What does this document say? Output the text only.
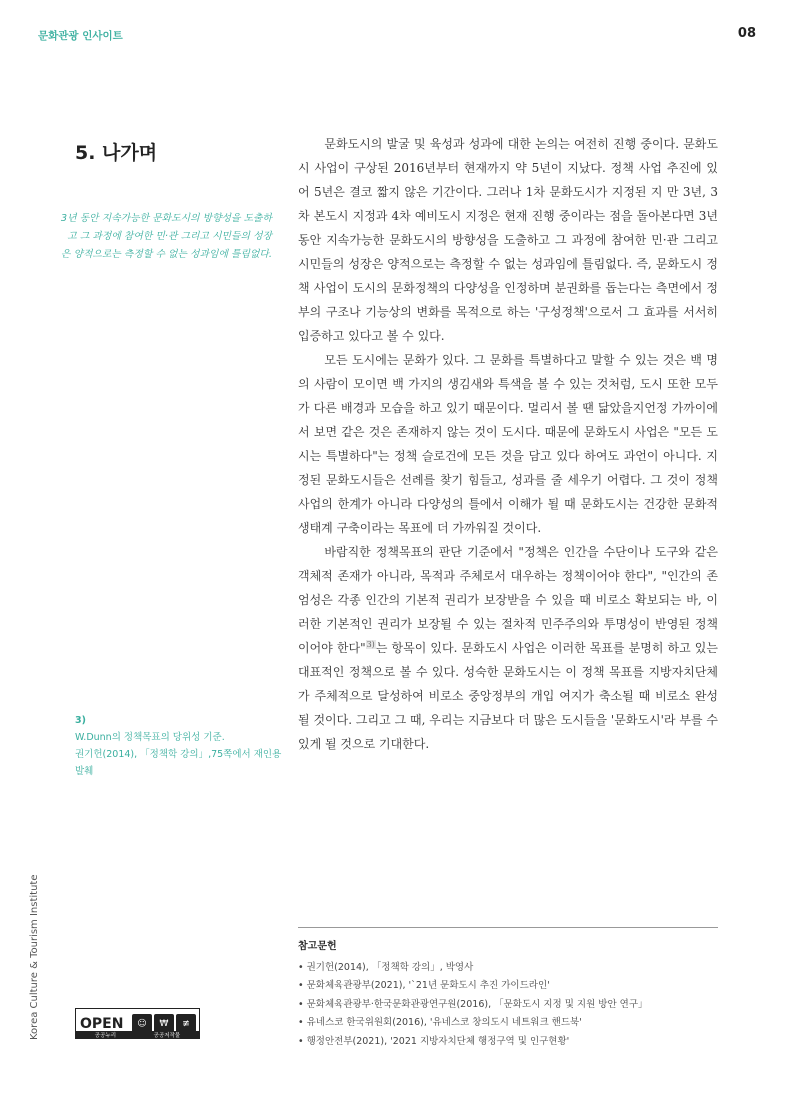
문화관광 인사이트	08
5. 나가며
3년 동안 지속가능한 문화도시의 방향성을 도출하고 그 과정에 참여한 민·관 그리고 시민들의 성장은 양적으로는 측정할 수 없는 성과임에 틀림없다.
3)
W.Dunn의 정책목표의 당위성 기준.
권기헌(2014), 「정책학 강의」,75쪽에서 재인용 발췌

문화도시의 발굴 및 육성과 성과에 대한 논의는 여전히 진행 중이다. 문화도시 사업이 구상된 2016년부터 현재까지 약 5년이 지났다. 정책 사업 추진에 있어 5년은 결코 짧지 않은 기간이다. 그러나 1차 문화도시가 지정된 지 만 3년, 3차 본도시 지정과 4차 예비도시 지정은 현재 진행 중이라는 점을 돌아본다면 3년 동안 지속가능한 문화도시의 방향성을 도출하고 그 과정에 참여한 민·관 그리고 시민들의 성장은 양적으로는 측정할 수 없는 성과임에 틀림없다. 즉, 문화도시 정책 사업이 도시의 문화정책의 다양성을 인정하며 분권화를 돕는다는 측면에서 정부의 구조나 기능상의 변화를 목적으로 하는 '구성정책'으로서 그 효과를 서서히 입증하고 있다고 볼 수 있다.

모든 도시에는 문화가 있다. 그 문화를 특별하다고 말할 수 있는 것은 백 명의 사람이 모이면 백 가지의 생김새와 특색을 볼 수 있는 것처럼, 도시 또한 모두가 다른 배경과 모습을 하고 있기 때문이다. 멀리서 볼 땐 닮았을지언정 가까이에서 보면 같은 것은 존재하지 않는 것이 도시다. 때문에 문화도시 사업은 "모든 도시는 특별하다"는 정책 슬로건에 모든 것을 담고 있다 하여도 과언이 아니다. 지정된 문화도시들은 선례를 찾기 힘들고, 성과를 줄 세우기 어렵다. 그 것이 정책사업의 한계가 아니라 다양성의 틀에서 이해가 될 때 문화도시는 건강한 문화적 생태계 구축이라는 목표에 더 가까워질 것이다.

바람직한 정책목표의 판단 기준에서 "정책은 인간을 수단이나 도구와 같은 객체적 존재가 아니라, 목적과 주체로서 대우하는 정책이어야 한다", "인간의 존엄성은 각종 인간의 기본적 권리가 보장받을 수 있을 때 비로소 확보되는 바, 이러한 기본적인 권리가 보장될 수 있는 절차적 민주주의와 투명성이 반영된 정책이어야 한다"$^{3)}$는 항목이 있다. 문화도시 사업은 이러한 목표를 분명히 하고 있는 대표적인 정책으로 볼 수 있다. 성숙한 문화도시는 이 정책 목표를 지방자치단체가 주체적으로 달성하여 비로소 중앙정부의 개입 여지가 축소될 때 비로소 완성될 것이다. 그리고 그 때, 우리는 지금보다 더 많은 도시들을 '문화도시'라 부를 수 있게 될 것으로 기대한다.

참고문헌
• 권기헌(2014), 「정책학 강의」, 박영사
• 문화체육관광부(2021), '`21년 문화도시 추진 가이드라인'
• 문화체육관광부·한국문화관광연구원(2016), 「문화도시 지정 및 지원 방안 연구」
• 유네스코 한국위원회(2016), '유네스코 창의도시 네트워크 핸드북'
• 행정안전부(2021), '2021 지방자치단체 행정구역 및 인구현황'
Korea Culture & Tourism Institute	OPEN	☺	₩	≢
공공누리	공공저작물
